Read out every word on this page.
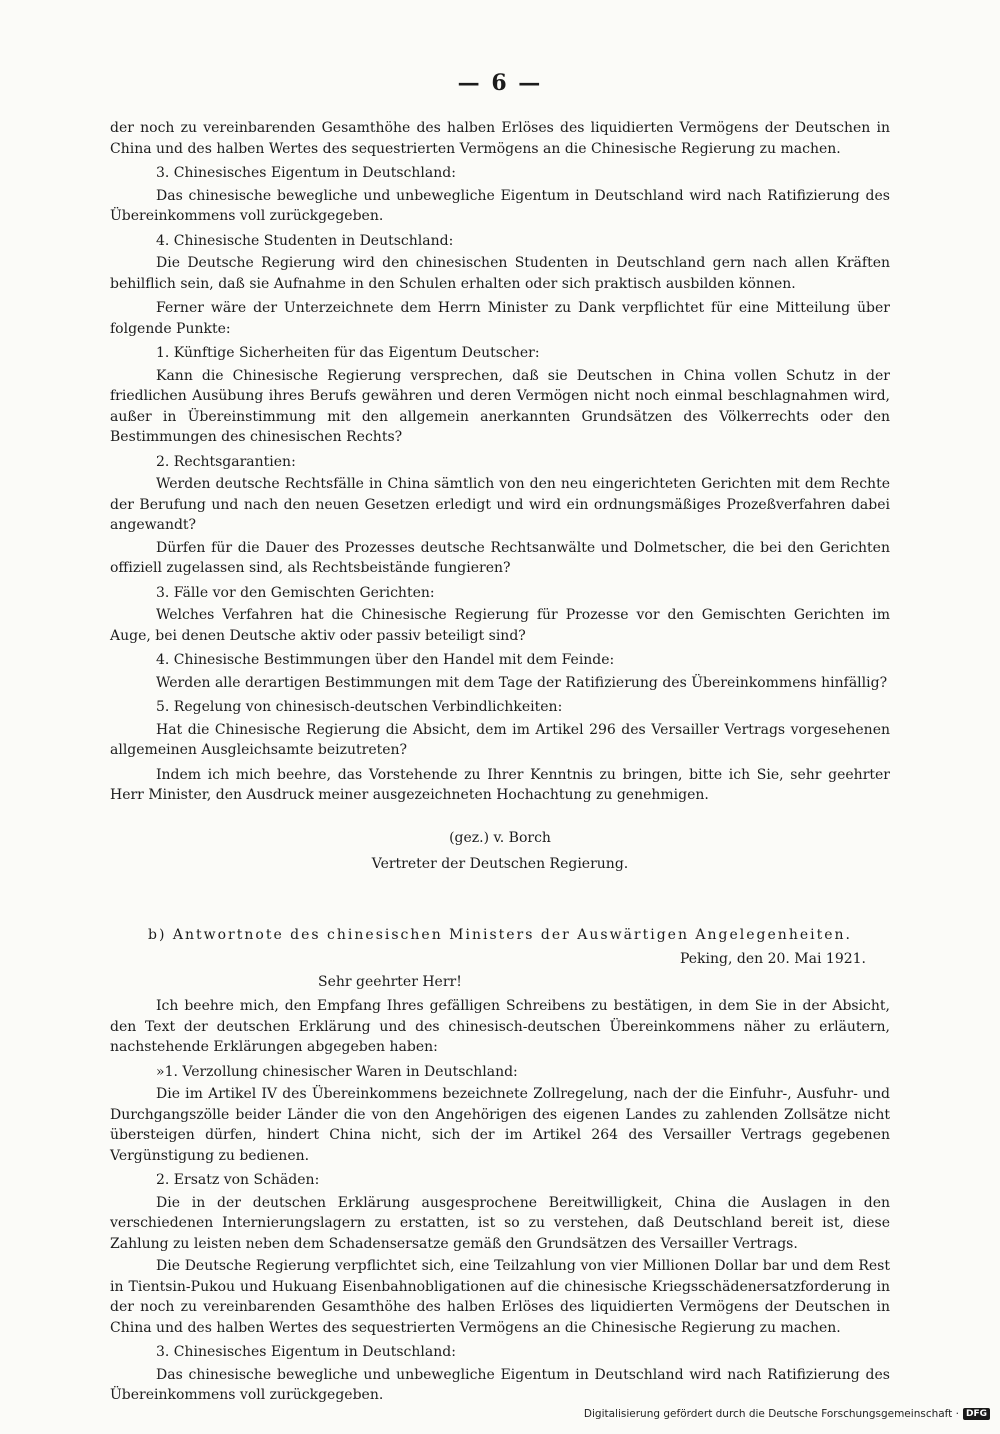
— 6 —

der noch zu vereinbarenden Gesamthöhe des halben Erlöses des liquidierten Vermögens der Deutschen in China und des halben Wertes des sequestrierten Vermögens an die Chinesische Regierung zu machen.

3. Chinesisches Eigentum in Deutschland:

Das chinesische bewegliche und unbewegliche Eigentum in Deutschland wird nach Ratifizierung des Übereinkommens voll zurückgegeben.

4. Chinesische Studenten in Deutschland:

Die Deutsche Regierung wird den chinesischen Studenten in Deutschland gern nach allen Kräften behilflich sein, daß sie Aufnahme in den Schulen erhalten oder sich praktisch ausbilden können.

Ferner wäre der Unterzeichnete dem Herrn Minister zu Dank verpflichtet für eine Mitteilung über folgende Punkte:

1. Künftige Sicherheiten für das Eigentum Deutscher:

Kann die Chinesische Regierung versprechen, daß sie Deutschen in China vollen Schutz in der friedlichen Ausübung ihres Berufs gewähren und deren Vermögen nicht noch einmal beschlagnahmen wird, außer in Übereinstimmung mit den allgemein anerkannten Grundsätzen des Völkerrechts oder den Bestimmungen des chinesischen Rechts?

2. Rechtsgarantien:

Werden deutsche Rechtsfälle in China sämtlich von den neu eingerichteten Gerichten mit dem Rechte der Berufung und nach den neuen Gesetzen erledigt und wird ein ordnungsmäßiges Prozeßverfahren dabei angewandt?

Dürfen für die Dauer des Prozesses deutsche Rechtsanwälte und Dolmetscher, die bei den Gerichten offiziell zugelassen sind, als Rechtsbeistände fungieren?

3. Fälle vor den Gemischten Gerichten:

Welches Verfahren hat die Chinesische Regierung für Prozesse vor den Gemischten Gerichten im Auge, bei denen Deutsche aktiv oder passiv beteiligt sind?

4. Chinesische Bestimmungen über den Handel mit dem Feinde:

Werden alle derartigen Bestimmungen mit dem Tage der Ratifizierung des Übereinkommens hinfällig?

5. Regelung von chinesisch-deutschen Verbindlichkeiten:

Hat die Chinesische Regierung die Absicht, dem im Artikel 296 des Versailler Vertrags vorgesehenen allgemeinen Ausgleichsamte beizutreten?

Indem ich mich beehre, das Vorstehende zu Ihrer Kenntnis zu bringen, bitte ich Sie, sehr geehrter Herr Minister, den Ausdruck meiner ausgezeichneten Hochachtung zu genehmigen.

(gez.) v. Borch

Vertreter der Deutschen Regierung.

b) Antwortnote des chinesischen Ministers der Auswärtigen Angelegenheiten.

Peking, den 20. Mai 1921.

Sehr geehrter Herr!

Ich beehre mich, den Empfang Ihres gefälligen Schreibens zu bestätigen, in dem Sie in der Absicht, den Text der deutschen Erklärung und des chinesisch-deutschen Übereinkommens näher zu erläutern, nachstehende Erklärungen abgegeben haben:

»1. Verzollung chinesischer Waren in Deutschland:

Die im Artikel IV des Übereinkommens bezeichnete Zollregelung, nach der die Einfuhr-, Ausfuhr- und Durchgangszölle beider Länder die von den Angehörigen des eigenen Landes zu zahlenden Zollsätze nicht übersteigen dürfen, hindert China nicht, sich der im Artikel 264 des Versailler Vertrags gegebenen Vergünstigung zu bedienen.

2. Ersatz von Schäden:

Die in der deutschen Erklärung ausgesprochene Bereitwilligkeit, China die Auslagen in den verschiedenen Internierungslagern zu erstatten, ist so zu verstehen, daß Deutschland bereit ist, diese Zahlung zu leisten neben dem Schadensersatze gemäß den Grundsätzen des Versailler Vertrags.

Die Deutsche Regierung verpflichtet sich, eine Teilzahlung von vier Millionen Dollar bar und dem Rest in Tientsin-Pukou und Hukuang Eisenbahnobligationen auf die chinesische Kriegsschädenersatzforderung in der noch zu vereinbarenden Gesamthöhe des halben Erlöses des liquidierten Vermögens der Deutschen in China und des halben Wertes des sequestrierten Vermögens an die Chinesische Regierung zu machen.

3. Chinesisches Eigentum in Deutschland:

Das chinesische bewegliche und unbewegliche Eigentum in Deutschland wird nach Ratifizierung des Übereinkommens voll zurückgegeben.

Digitalisierung gefördert durch die Deutsche Forschungsgemeinschaft · DFG
